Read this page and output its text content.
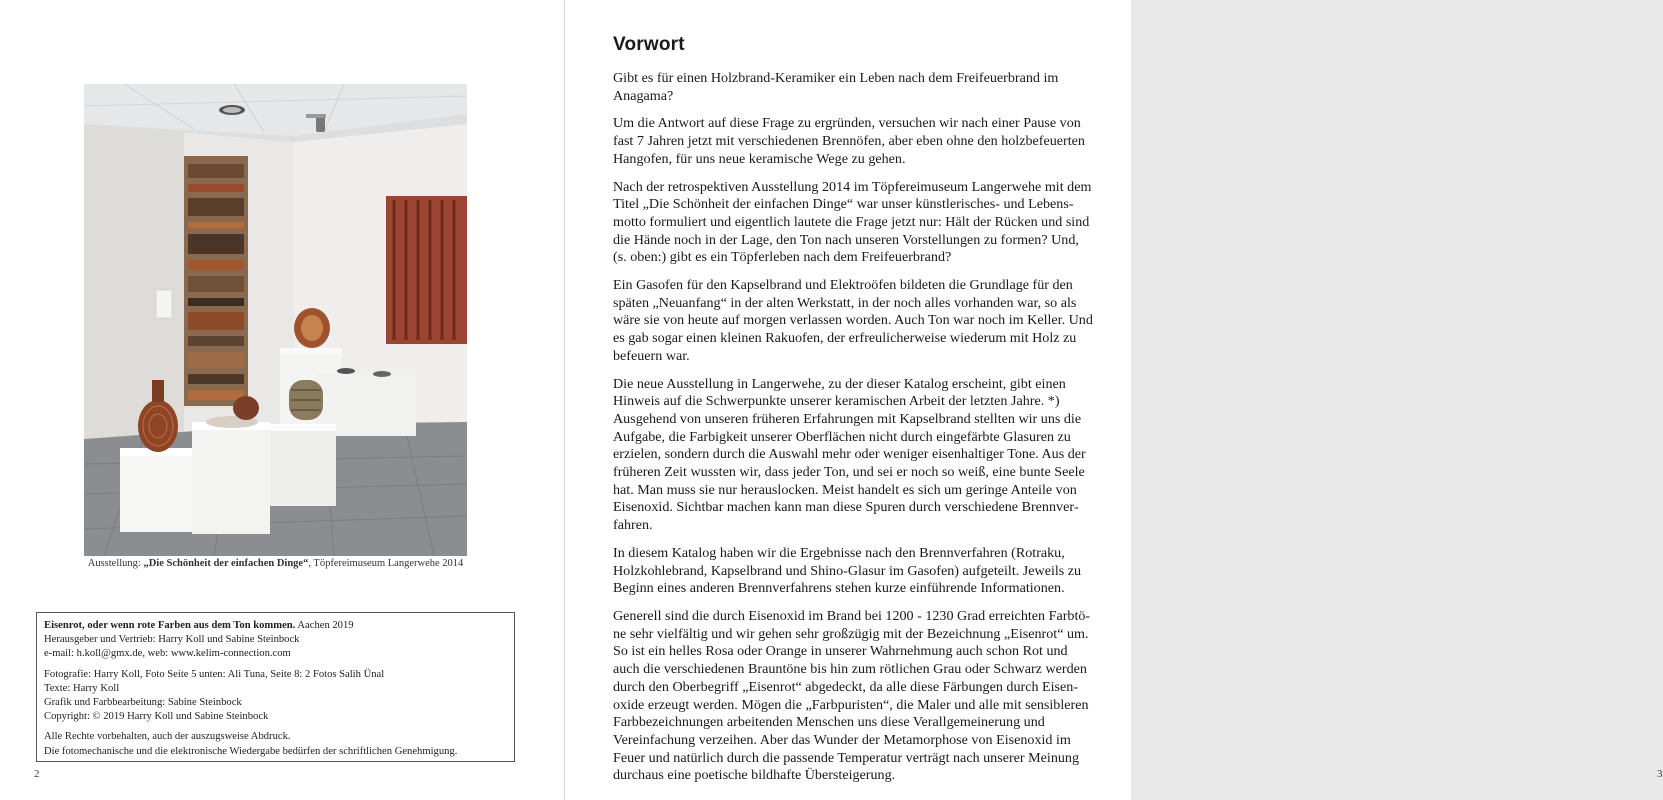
Ausstellung: „Die Schönheit der einfachen Dinge“, Töpfereimuseum Langerwehe 2014
Eisenrot, oder wenn rote Farben aus dem Ton kommen. Aachen 2019
Herausgeber und Vertrieb: Harry Koll und Sabine Steinbock
e-mail: h.koll@gmx.de, web: www.kelim-connection.com
Fotografie: Harry Koll, Foto Seite 5 unten: Ali Tuna, Seite 8: 2 Fotos Salih Ünal
Texte: Harry Koll
Grafik und Farbbearbeitung: Sabine Steinbock
Copyright: © 2019 Harry Koll und Sabine Steinbock
Alle Rechte vorbehalten, auch der auszugsweise Abdruck.
Die fotomechanische und die elektronische Wiedergabe bedürfen der schriftlichen Genehmigung.
2
Vorwort

Gibt es für einen Holzbrand-Keramiker ein Leben nach dem Freifeuerbrand im Anagama?

Um die Antwort auf diese Frage zu ergründen, versuchen wir nach einer Pause von fast 7 Jahren jetzt mit verschiedenen Brennöfen, aber eben ohne den holzbefeuerten Hangofen, für uns neue keramische Wege zu gehen.

Nach der retrospektiven Ausstellung 2014 im Töpfereimuseum Langerwehe mit dem Titel „Die Schönheit der einfachen Dinge“ war unser künstlerisches- und Lebensmotto formuliert und eigentlich lautete die Frage jetzt nur: Hält der Rücken und sind die Hände noch in der Lage, den Ton nach unseren Vorstellungen zu formen? Und, (s. oben:) gibt es ein Töpferleben nach dem Freifeuerbrand?

Ein Gasofen für den Kapselbrand und Elektroöfen bildeten die Grundlage für den späten „Neuanfang“ in der alten Werkstatt, in der noch alles vorhanden war, so als wäre sie von heute auf morgen verlassen worden. Auch Ton war noch im Keller. Und es gab sogar einen kleinen Rakuofen, der erfreulicherweise wiederum mit Holz zu befeuern war.

Die neue Ausstellung in Langerwehe, zu der dieser Katalog erscheint, gibt einen Hinweis auf die Schwerpunkte unserer keramischen Arbeit der letzten Jahre. *) Ausgehend von unseren früheren Erfahrungen mit Kapselbrand stellten wir uns die Aufgabe, die Farbigkeit unserer Oberflächen nicht durch eingefärbte Glasuren zu erzielen, sondern durch die Auswahl mehr oder weniger eisenhaltiger Tone. Aus der früheren Zeit wussten wir, dass jeder Ton, und sei er noch so weiß, eine bunte Seele hat. Man muss sie nur herauslocken. Meist handelt es sich um geringe Anteile von Eisenoxid. Sichtbar machen kann man diese Spuren durch verschiedene Brennverfahren.

In diesem Katalog haben wir die Ergebnisse nach den Brennverfahren (Rotraku, Holzkohlebrand, Kapselbrand und Shino-Glasur im Gasofen) aufgeteilt. Jeweils zu Beginn eines anderen Brennverfahrens stehen kurze einführende Informationen.

Generell sind die durch Eisenoxid im Brand bei 1200 - 1230 Grad erreichten Farbtöne sehr vielfältig und wir gehen sehr großzügig mit der Bezeichnung „Eisenrot“ um. So ist ein helles Rosa oder Orange in unserer Wahrnehmung auch schon Rot und auch die verschiedenen Brauntöne bis hin zum rötlichen Grau oder Schwarz werden durch den Oberbegriff „Eisenrot“ abgedeckt, da alle diese Färbungen durch Eisenoxide erzeugt werden. Mögen die „Farbpuristen“, die Maler und alle mit sensibleren Farbbezeichnungen arbeitenden Menschen uns diese Verallgemeinerung und Vereinfachung verzeihen. Aber das Wunder der Metamorphose von Eisenoxid im Feuer und natürlich durch die passende Temperatur verträgt nach unserer Meinung durchaus eine poetische bildhafte Übersteigerung.	3
